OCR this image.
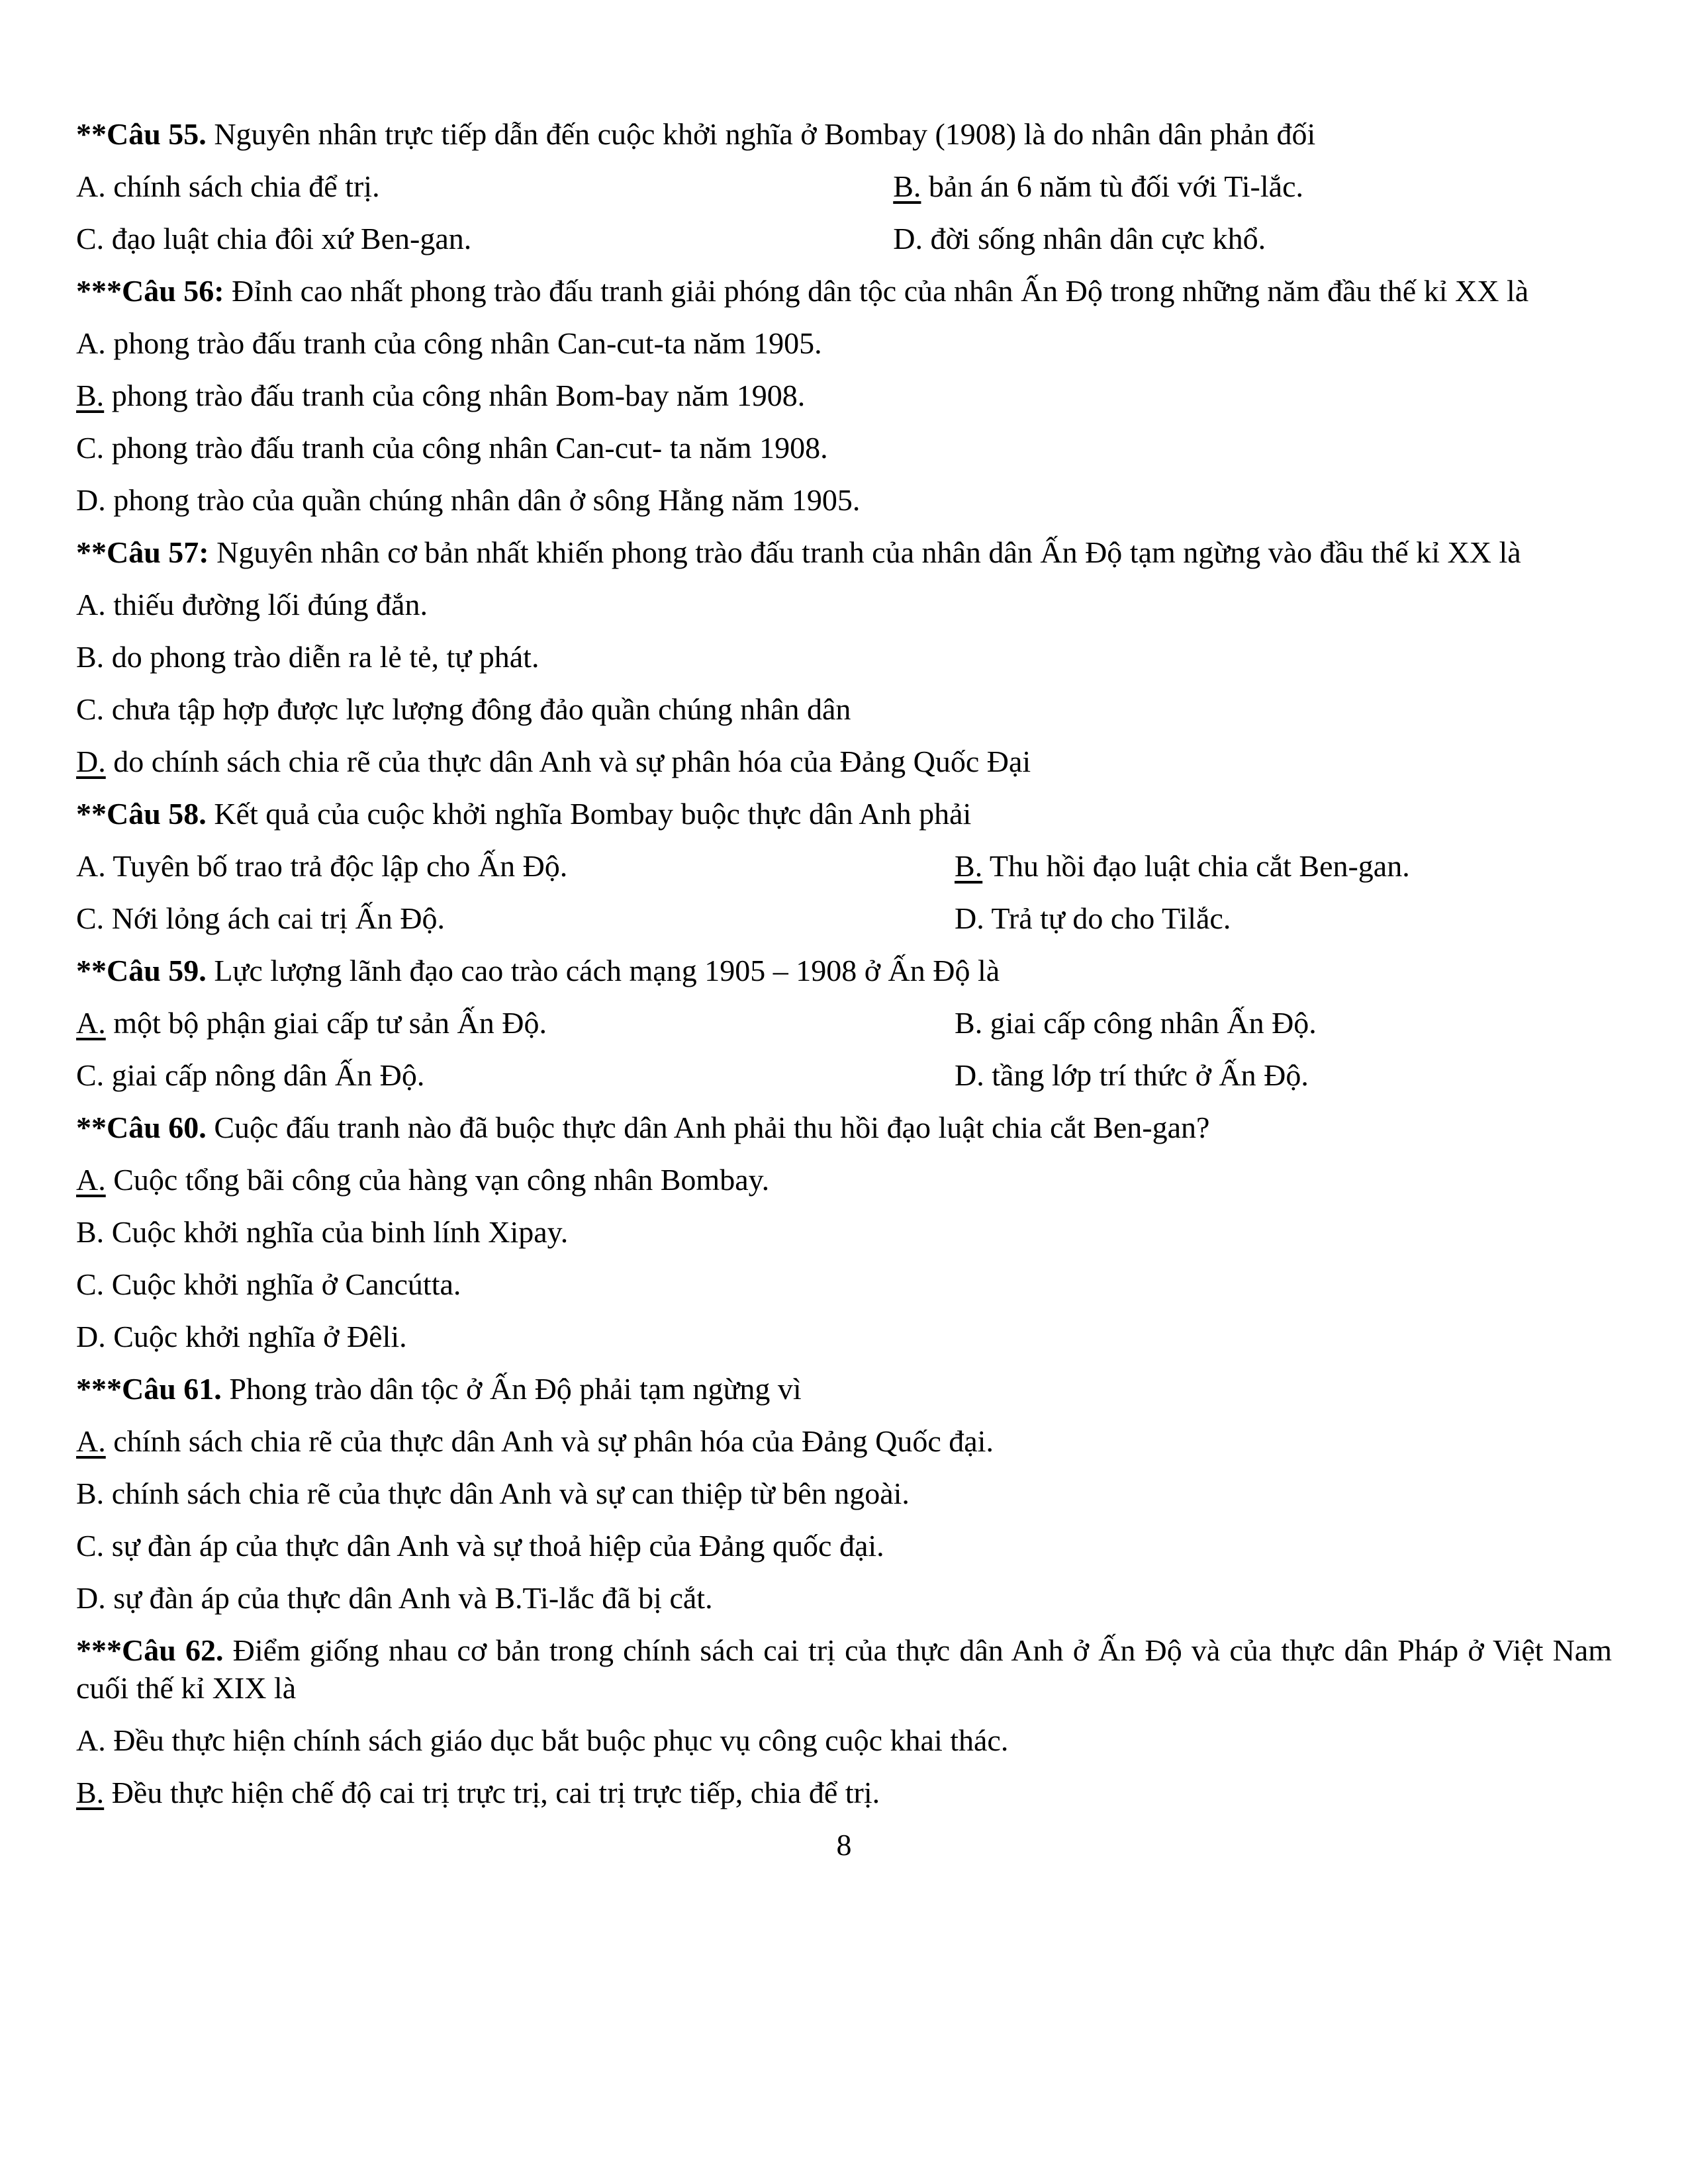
**Câu 55. Nguyên nhân trực tiếp dẫn đến cuộc khởi nghĩa ở Bombay (1908) là do nhân dân phản đối

A. chính sách chia để trị.	B. bản án 6 năm tù đối với Ti-lắc.
C. đạo luật chia đôi xứ Ben-gan.	D. đời sống nhân dân cực khổ.

***Câu 56: Đỉnh cao nhất phong trào đấu tranh giải phóng dân tộc của nhân Ấn Độ trong những năm đầu thế kỉ XX là

A. phong trào đấu tranh của công nhân Can-cut-ta năm 1905.

B. phong trào đấu tranh của công nhân Bom-bay năm 1908.

C. phong trào đấu tranh của công nhân Can-cut- ta năm 1908.

D. phong trào của quần chúng nhân dân ở sông Hằng năm 1905.

**Câu 57: Nguyên nhân cơ bản nhất khiến phong trào đấu tranh của nhân dân Ấn Độ tạm ngừng vào đầu thế kỉ XX là

A. thiếu đường lối đúng đắn.

B. do phong trào diễn ra lẻ tẻ, tự phát.

C. chưa tập hợp được lực lượng đông đảo quần chúng nhân dân

D. do chính sách chia rẽ của thực dân Anh và sự phân hóa của Đảng Quốc Đại

**Câu 58. Kết quả của cuộc khởi nghĩa Bombay buộc thực dân Anh phải

A. Tuyên bố trao trả độc lập cho Ấn Độ.	B. Thu hồi đạo luật chia cắt Ben-gan.
C. Nới lỏng ách cai trị Ấn Độ.	D. Trả tự do cho Tilắc.

**Câu 59. Lực lượng lãnh đạo cao trào cách mạng 1905 – 1908 ở Ấn Độ là

A. một bộ phận giai cấp tư sản Ấn Độ.	B. giai cấp công nhân Ấn Độ.
C. giai cấp nông dân Ấn Độ.	D. tầng lớp trí thức ở Ấn Độ.

**Câu 60. Cuộc đấu tranh nào đã buộc thực dân Anh phải thu hồi đạo luật chia cắt Ben-gan?

A. Cuộc tổng bãi công của hàng vạn công nhân Bombay.

B. Cuộc khởi nghĩa của binh lính Xipay.

C. Cuộc khởi nghĩa ở Cancútta.

D. Cuộc khởi nghĩa ở Đêli.

***Câu 61. Phong trào dân tộc ở Ấn Độ phải tạm ngừng vì

A. chính sách chia rẽ của thực dân Anh và sự phân hóa của Đảng Quốc đại.

B. chính sách chia rẽ của thực dân Anh và sự can thiệp từ bên ngoài.

C. sự đàn áp của thực dân Anh và sự thoả hiệp của Đảng quốc đại.

D. sự đàn áp của thực dân Anh và B.Ti-lắc đã bị cắt.

***Câu 62. Điểm giống nhau cơ bản trong chính sách cai trị của thực dân Anh ở Ấn Độ và của thực dân Pháp ở Việt Nam cuối thế kỉ XIX là

A. Đều thực hiện chính sách giáo dục bắt buộc phục vụ công cuộc khai thác.

B. Đều thực hiện chế độ cai trị trực trị, cai trị trực tiếp, chia để trị.

8
